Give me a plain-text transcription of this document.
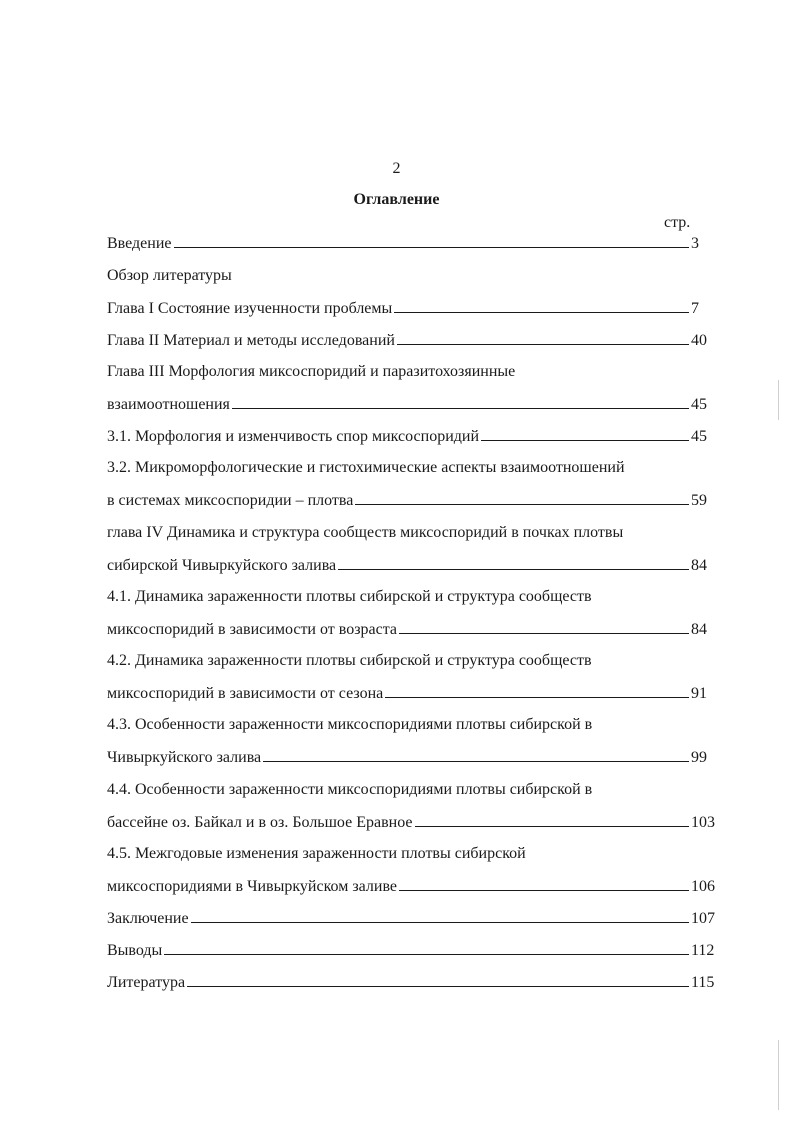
2
Оглавление
стр.
Введение	3
Обзор литературы
Глава I Состояние изученности проблемы	7
Глава II Материал и методы исследований	40
Глава III Морфология миксоспоридий и паразитохозяинные
взаимоотношения	45
3.1. Морфология и изменчивость спор миксоспоридий	45
3.2. Микроморфологические и гистохимические аспекты взаимоотношений
в системах миксоспоридии – плотва	59
глава IV Динамика и структура сообществ миксоспоридий в почках плотвы
сибирской Чивыркуйского залива	84
4.1. Динамика зараженности плотвы сибирской и структура сообществ
миксоспоридий в зависимости от возраста	84
4.2. Динамика зараженности плотвы сибирской и структура сообществ
миксоспоридий в зависимости от сезона	91
4.3. Особенности зараженности миксоспоридиями плотвы сибирской в
Чивыркуйского залива	99
4.4. Особенности зараженности миксоспоридиями плотвы сибирской в
бассейне оз. Байкал и в оз. Большое Еравное	103
4.5. Межгодовые изменения зараженности плотвы сибирской
миксоспоридиями в Чивыркуйском заливе	106
Заключение	107
Выводы	112
Литература	115
